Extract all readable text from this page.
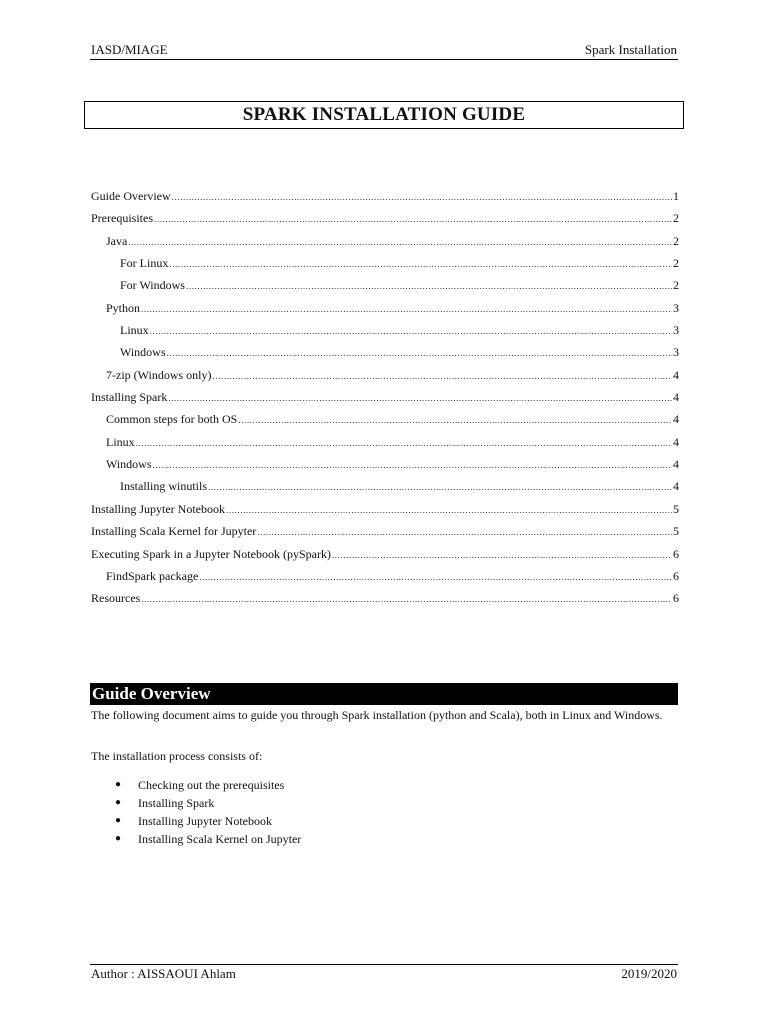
IASD/MIAGE	Spark Installation
SPARK INSTALLATION GUIDE
Guide Overview .....	1
Prerequisites .....	2
Java .....	2
For Linux .....	2
For Windows .....	2
Python .....	3
Linux .....	3
Windows .....	3
7-zip (Windows only) .....	4
Installing Spark .....	4
Common steps for both OS .....	4
Linux .....	4
Windows .....	4
Installing winutils .....	4
Installing Jupyter Notebook .....	5
Installing Scala Kernel for Jupyter .....	5
Executing Spark in a Jupyter Notebook (pySpark) .....	6
FindSpark package .....	6
Resources .....	6
Guide Overview
The following document aims to guide you through Spark installation (python and Scala), both in Linux and Windows.
The installation process consists of:
●	Checking out the prerequisites
●	Installing Spark
●	Installing Jupyter Notebook
●	Installing Scala Kernel on Jupyter
Author : AISSAOUI Ahlam	2019/2020
